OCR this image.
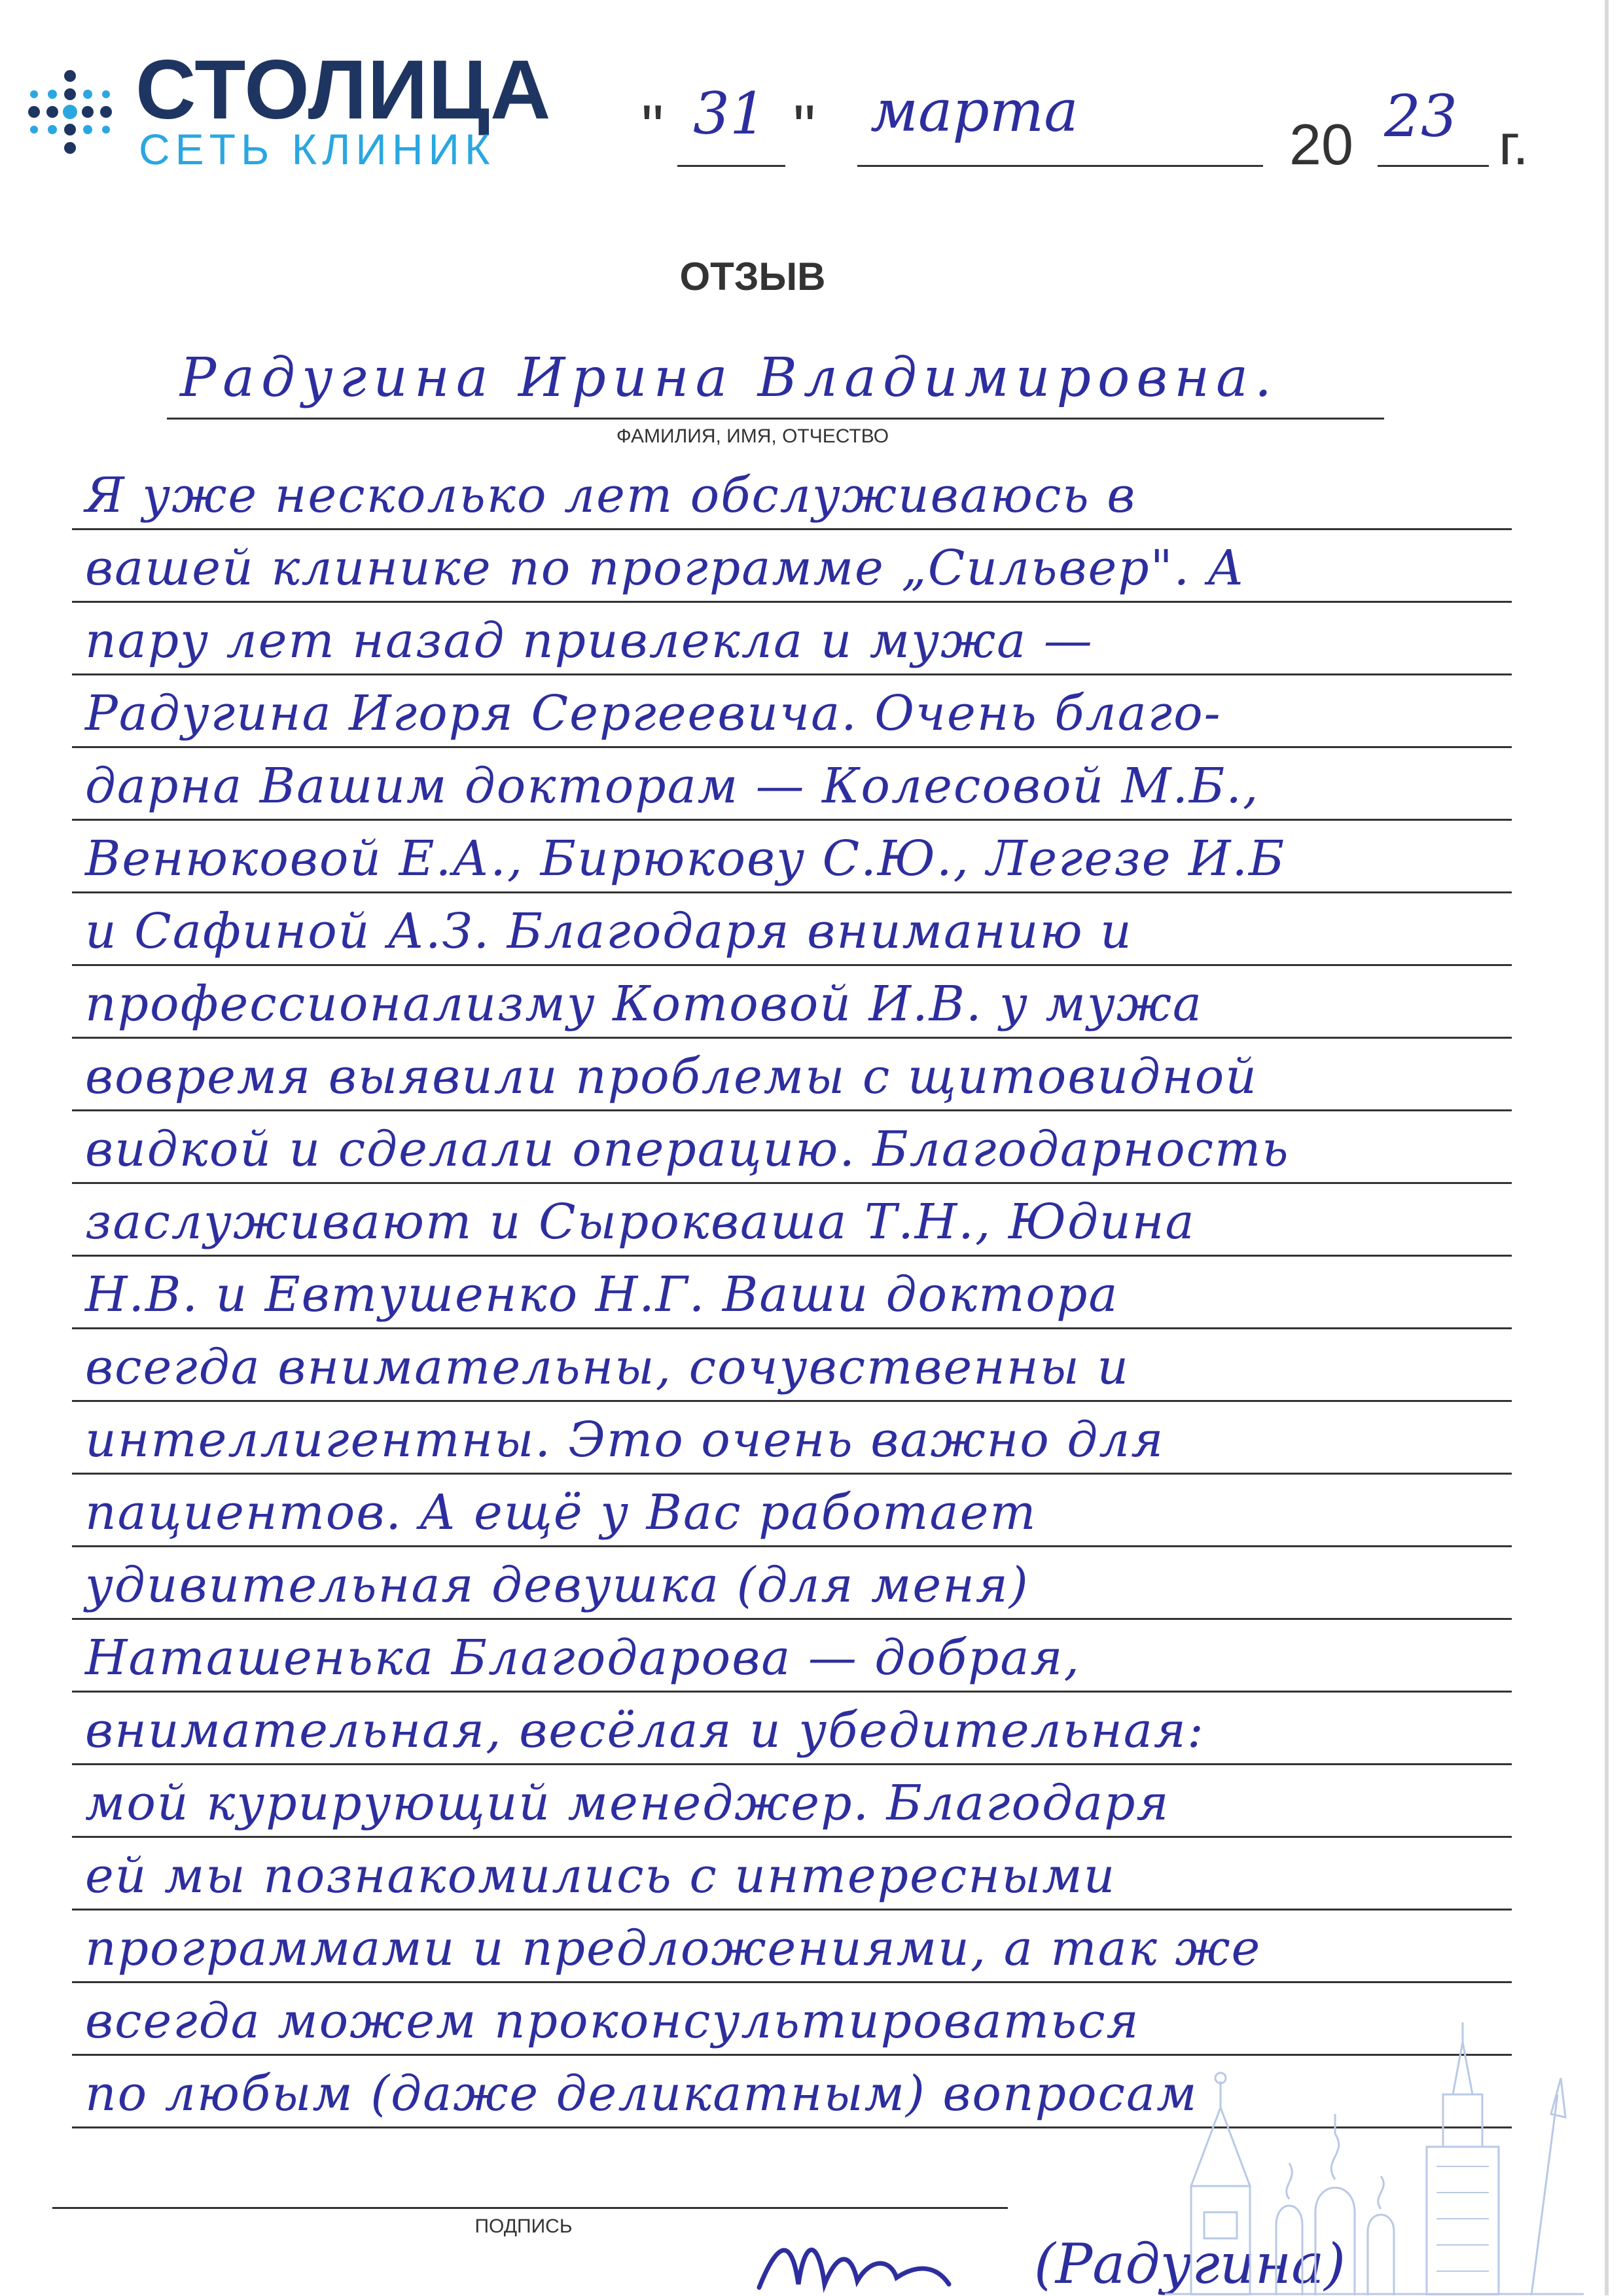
СТОЛИЦА
СЕТЬ КЛИНИК " 31 " марта	20 23 г.
ОТЗЫВ
Радугина Ирина Владимировна.
ФАМИЛИЯ, ИМЯ, ОТЧЕСТВО
Я уже несколько лет обслуживаюсь в
вашей клинике по программе „Сильвер". А
пару лет назад привлекла и мужа —
Радугина Игоря Сергеевича. Очень благо-
дарна Вашим докторам — Колесовой М.Б.,
Венюковой Е.А., Бирюкову С.Ю., Легезе И.Б
и Сафиной А.З. Благодаря вниманию и
профессионализму Котовой И.В. у мужа
вовремя выявили проблемы с щитовидной
видкой и сделали операцию. Благодарность
заслуживают и Сырокваша Т.Н., Юдина
Н.В. и Евтушенко Н.Г. Ваши доктора
всегда внимательны, сочувственны и
интеллигентны. Это очень важно для
пациентов. А ещё у Вас работает
удивительная девушка (для меня)
Наташенька Благодарова — добрая,
внимательная, весёлая и убедительная:
мой курирующий менеджер. Благодаря
ей мы познакомились с интересными
программами и предложениями, а так же
всегда можем проконсультироваться
по любым (даже деликатным) вопросам
ПОДПИСЬ
(Радугина)
